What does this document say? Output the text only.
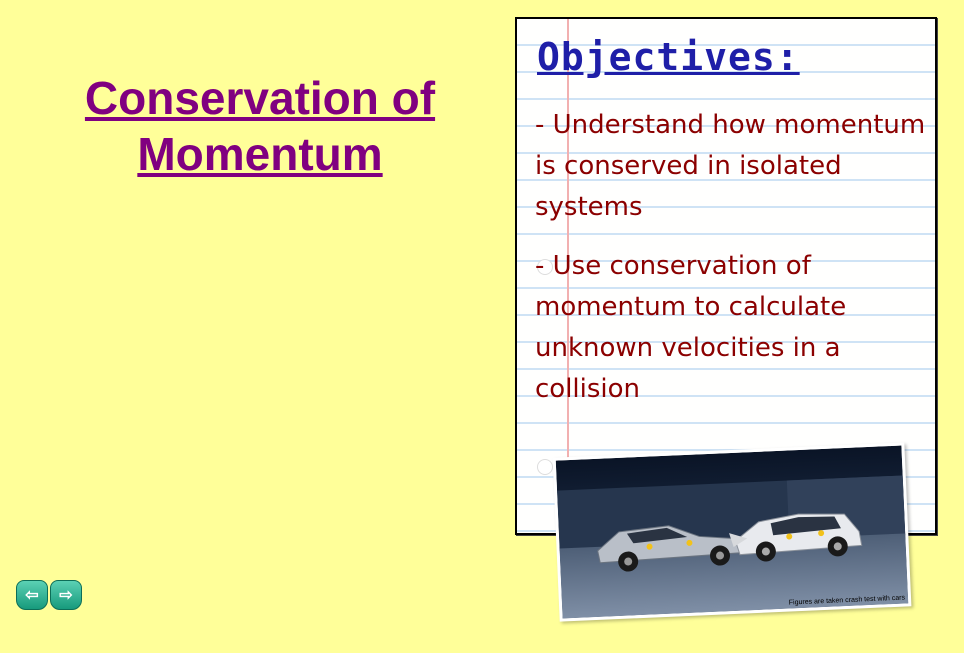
Conservation of
Momentum
Objectives:

- Understand how momentum is conserved in isolated systems

- Use conservation of momentum to calculate unknown velocities in a collision

Figures are taken crash test with cars
⇦ ⇨
